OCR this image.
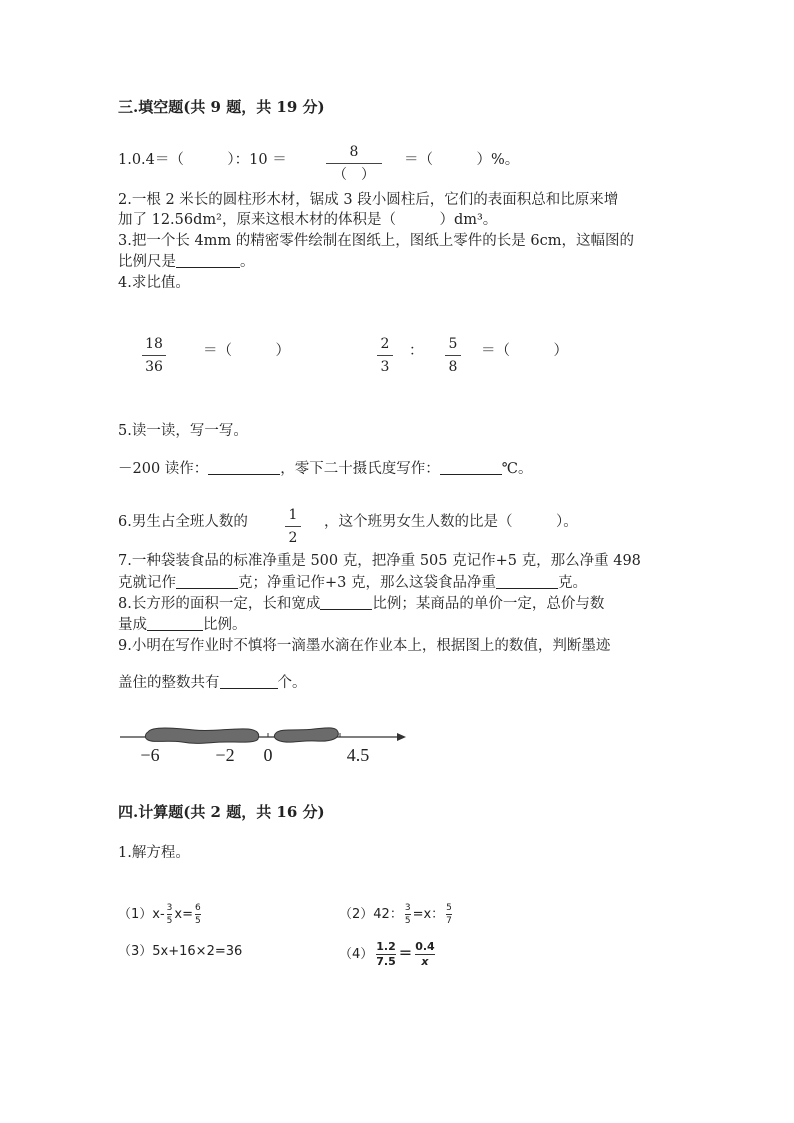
三.填空题(共 9 题，共 19 分)
1.0.4＝（　　　）：10 ＝	8
（　）
＝（　　　）%。
2.一根 2 米长的圆柱形木材，锯成 3 段小圆柱后，它们的表面积总和比原来增
加了 12.56dm²，原来这根木材的体积是（　　　）dm³。
3.把一个长 4mm 的精密零件绘制在图纸上，图纸上零件的长是 6cm，这幅图的
比例尺是	。
4.求比值。
18
36
＝（　　　）	2
3
： 5
8
＝（　　　）
5.读一读，写一写。
－200 读作：	，零下二十摄氏度写作：	℃。
6.男生占全班人数的	1
2
，这个班男女生人数的比是（　　　）。
7.一种袋装食品的标准净重是 500 克，把净重 505 克记作+5 克，那么净重 498
克就记作	克；净重记作+3 克，那么这袋食品净重	克。
8.长方形的面积一定，长和宽成	比例；某商品的单价一定，总价与数
量成	比例。
9.小明在写作业时不慎将一滴墨水滴在作业本上，根据图上的数值，判断墨迹
盖住的整数共有	个。
−6	−2 0	4.5
四.计算题(共 2 题，共 16 分)
1.解方程。
$(1)x- \frac{3}{5} x= \frac{6}{5}$	（2）42： $\frac{3}{5} =x$： $\frac{5}{7}$
（3）5x+16×2=36	$(4) \frac{1.2}{7.5} = \frac{0.4}{x}$
